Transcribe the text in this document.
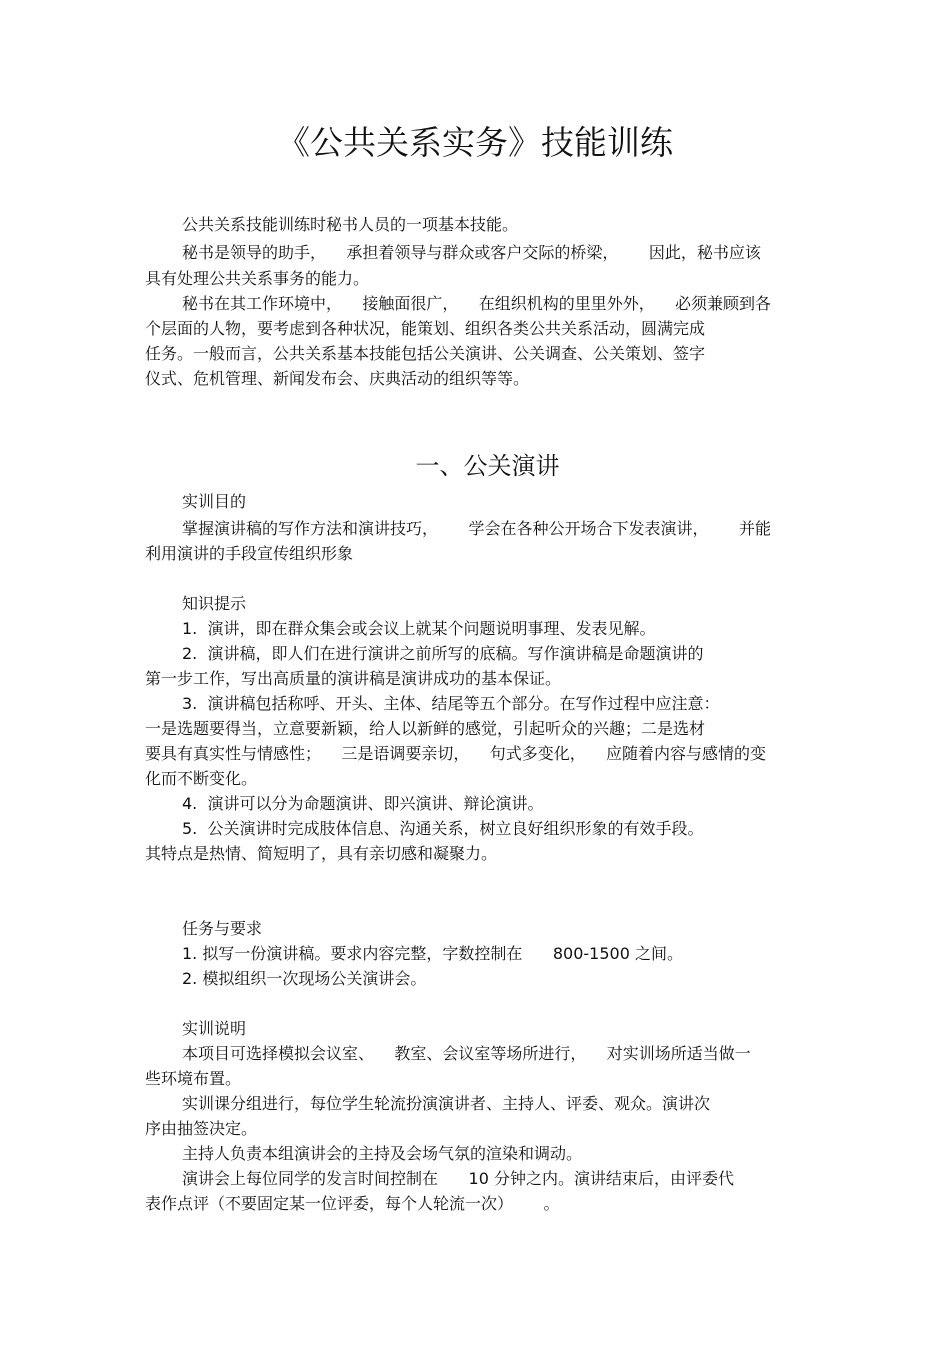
《公共关系实务》技能训练
公共关系技能训练时秘书人员的一项基本技能。
秘书是领导的助手，    承担着领导与群众或客户交际的桥梁，      因此，秘书应该
具有处理公共关系事务的能力。
秘书在其工作环境中，    接触面很广，    在组织机构的里里外外，    必须兼顾到各
个层面的人物，要考虑到各种状况，能策划、组织各类公共关系活动，圆满完成
任务。一般而言，公共关系基本技能包括公关演讲、公关调查、公关策划、签字
仪式、危机管理、新闻发布会、庆典活动的组织等等。
一、公关演讲
实训目的
掌握演讲稿的写作方法和演讲技巧，      学会在各种公开场合下发表演讲，      并能
利用演讲的手段宣传组织形象
知识提示
1.  演讲，即在群众集会或会议上就某个问题说明事理、发表见解。
2.  演讲稿，即人们在进行演讲之前所写的底稿。写作演讲稿是命题演讲的
第一步工作，写出高质量的演讲稿是演讲成功的基本保证。
3.  演讲稿包括称呼、开头、主体、结尾等五个部分。在写作过程中应注意：
一是选题要得当，立意要新颖，给人以新鲜的感觉，引起听众的兴趣；二是选材
要具有真实性与情感性；    三是语调要亲切，    句式多变化，    应随着内容与感情的变
化而不断变化。
4.  演讲可以分为命题演讲、即兴演讲、辩论演讲。
5.  公关演讲时完成肢体信息、沟通关系，树立良好组织形象的有效手段。
其特点是热情、简短明了，具有亲切感和凝聚力。
任务与要求
1. 拟写一份演讲稿。要求内容完整，字数控制在      800-1500 之间。
2. 模拟组织一次现场公关演讲会。
实训说明
本项目可选择模拟会议室、    教室、会议室等场所进行，    对实训场所适当做一
些环境布置。
实训课分组进行，每位学生轮流扮演演讲者、主持人、评委、观众。演讲次
序由抽签决定。
主持人负责本组演讲会的主持及会场气氛的渲染和调动。
演讲会上每位同学的发言时间控制在      10 分钟之内。演讲结束后，由评委代
表作点评（不要固定某一位评委，每个人轮流一次）      。
